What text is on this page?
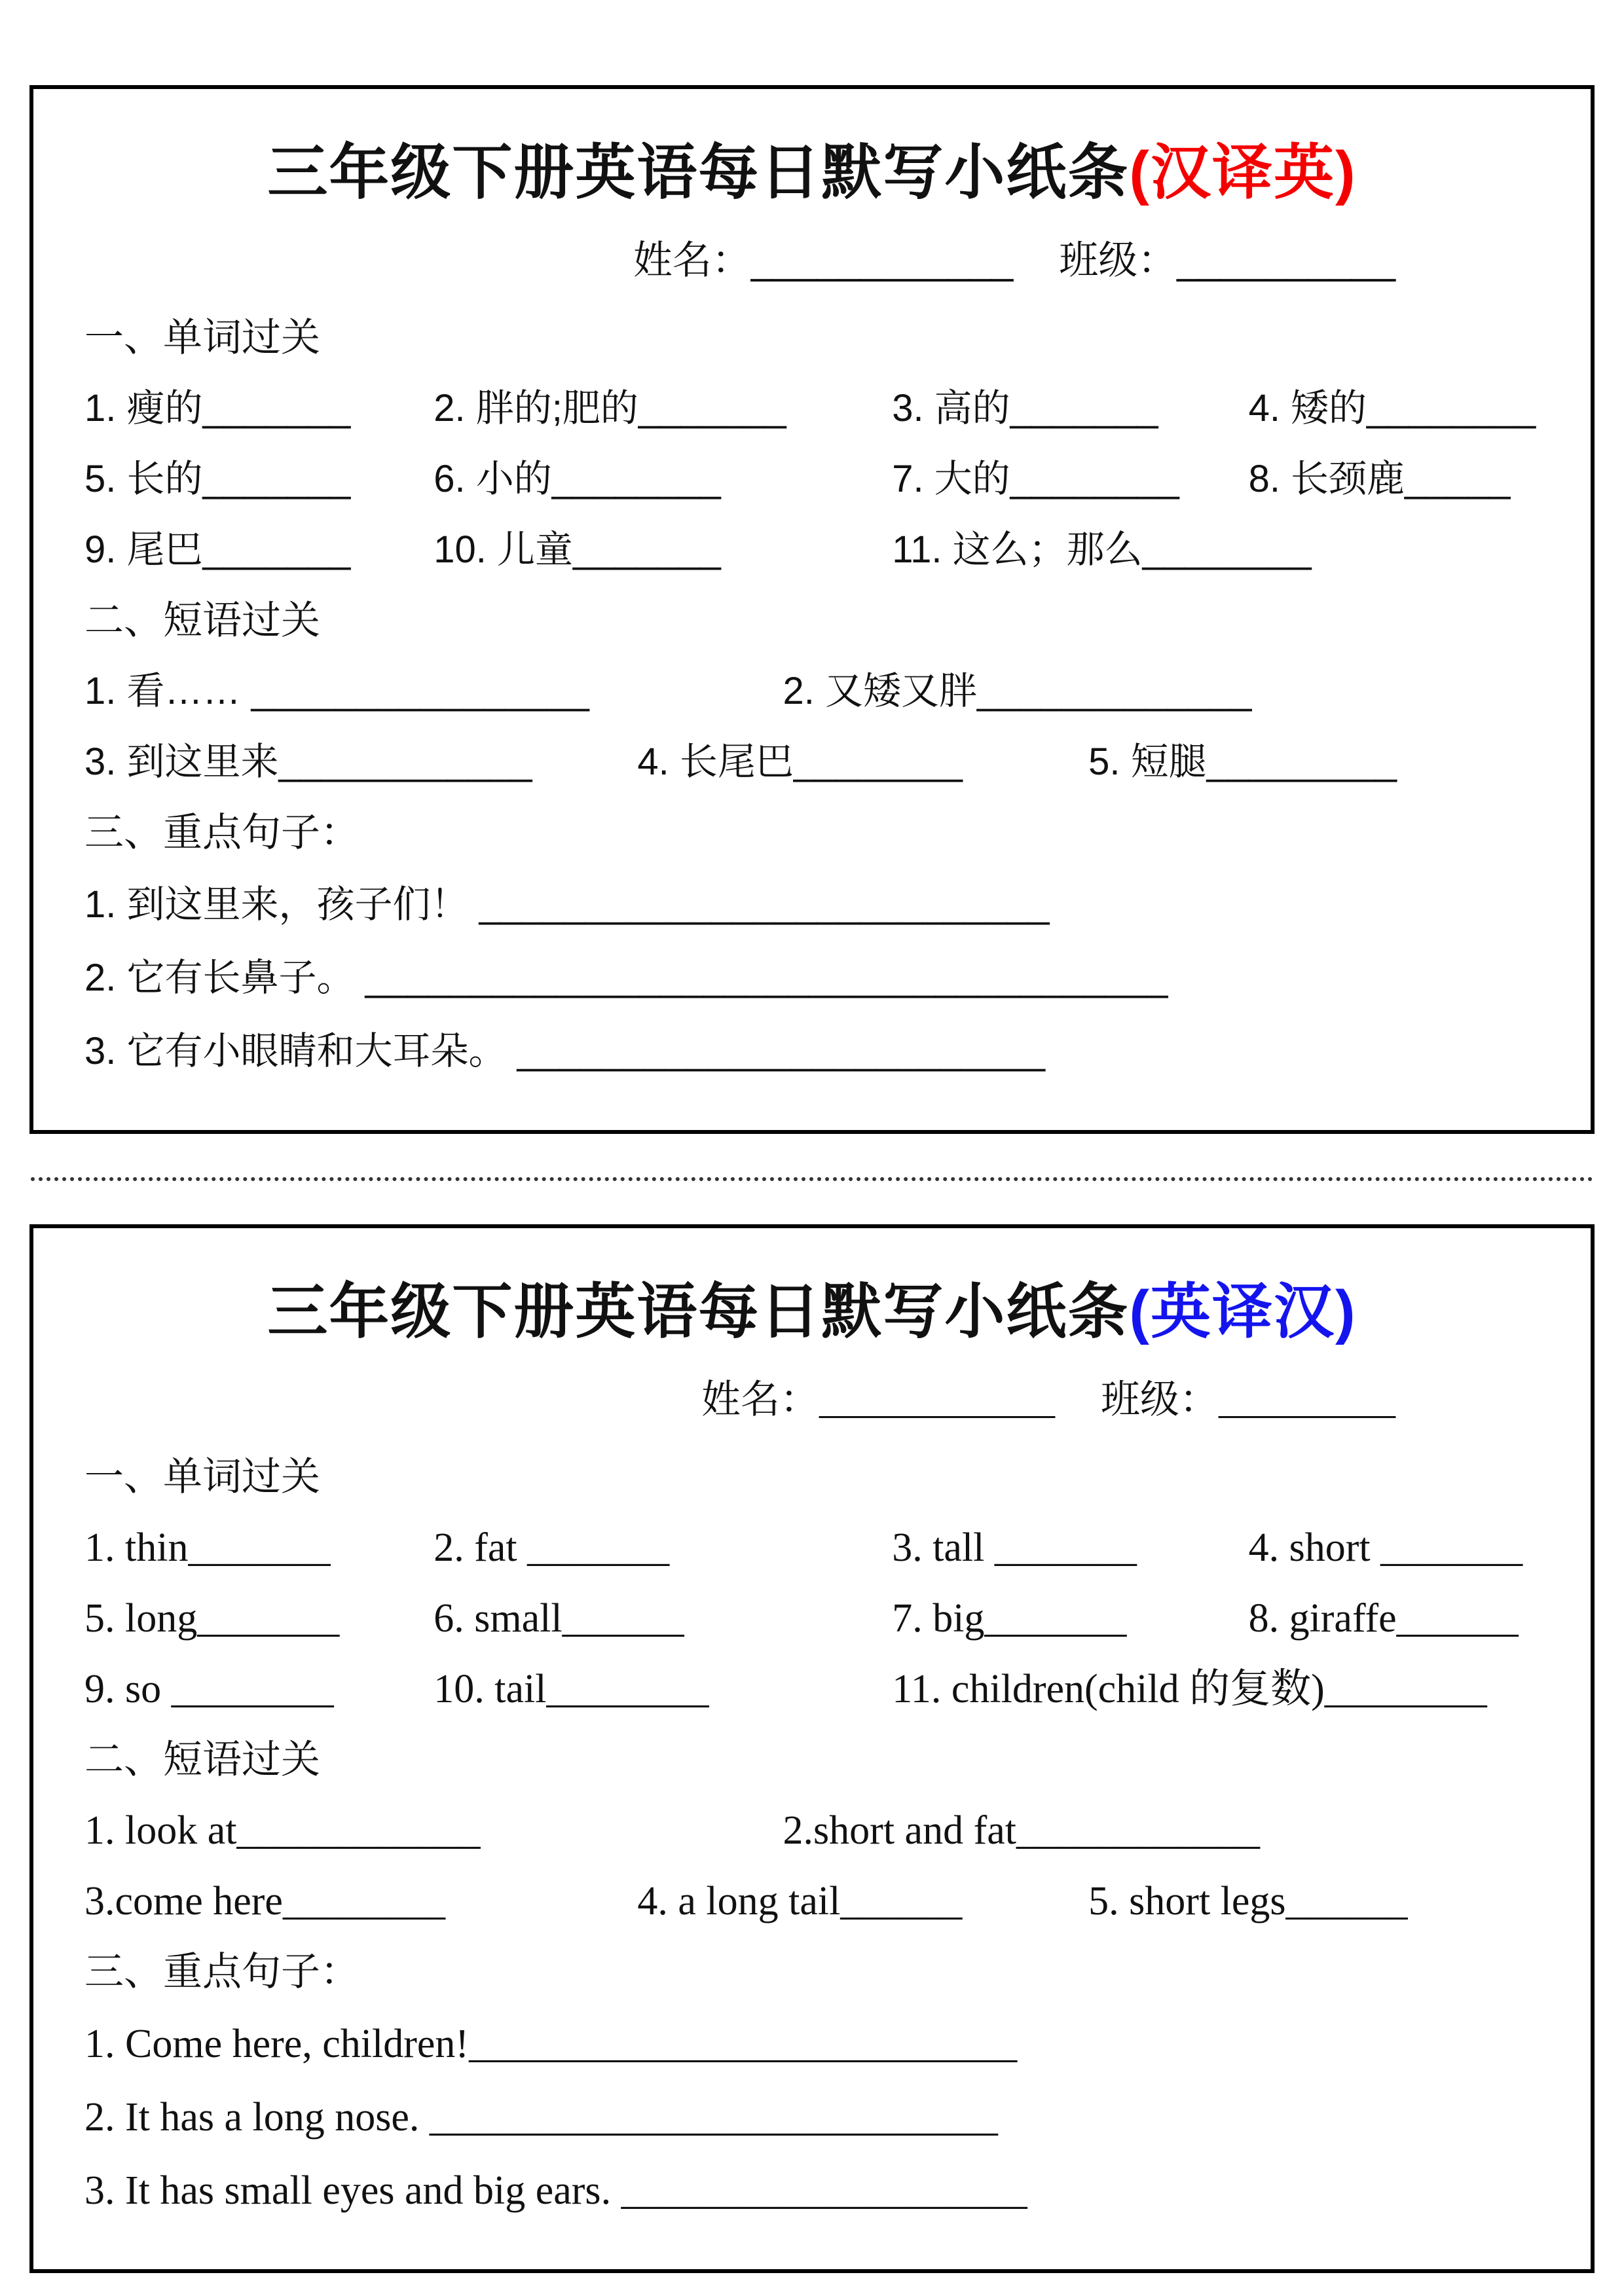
三年级下册英语每日默写小纸条(汉译英)
姓名：____________ 班级：__________
一、单词过关
1. 瘦的_______	2. 胖的;肥的_______	3. 高的_______	4. 矮的________
5. 长的_______	6. 小的________	7. 大的________	8. 长颈鹿_____
9. 尾巴_______	10. 儿童_______	11. 这么；那么________
二、短语过关
1. 看…… ________________	2. 又矮又胖_____________
3. 到这里来____________	4. 长尾巴________	5. 短腿_________
三、重点句子：
1. 到这里来，孩子们！ ___________________________
2. 它有长鼻子。 ______________________________________
3. 它有小眼睛和大耳朵。 _________________________
三年级下册英语每日默写小纸条(英译汉)
姓名：____________ 班级：_________
一、单词过关
1. thin_______	2. fat _______	3. tall _______	4. short _______
5. long_______	6. small______	7. big_______	8. giraffe______
9. so ________	10. tail________	11. children(child 的复数)________
二、短语过关
1. look at____________	2.short and fat____________
3.come here________	4. a long tail______	5. short legs______
三、重点句子：
1. Come here, children!___________________________
2. It has a long nose. ____________________________
3. It has small eyes and big ears. ____________________
